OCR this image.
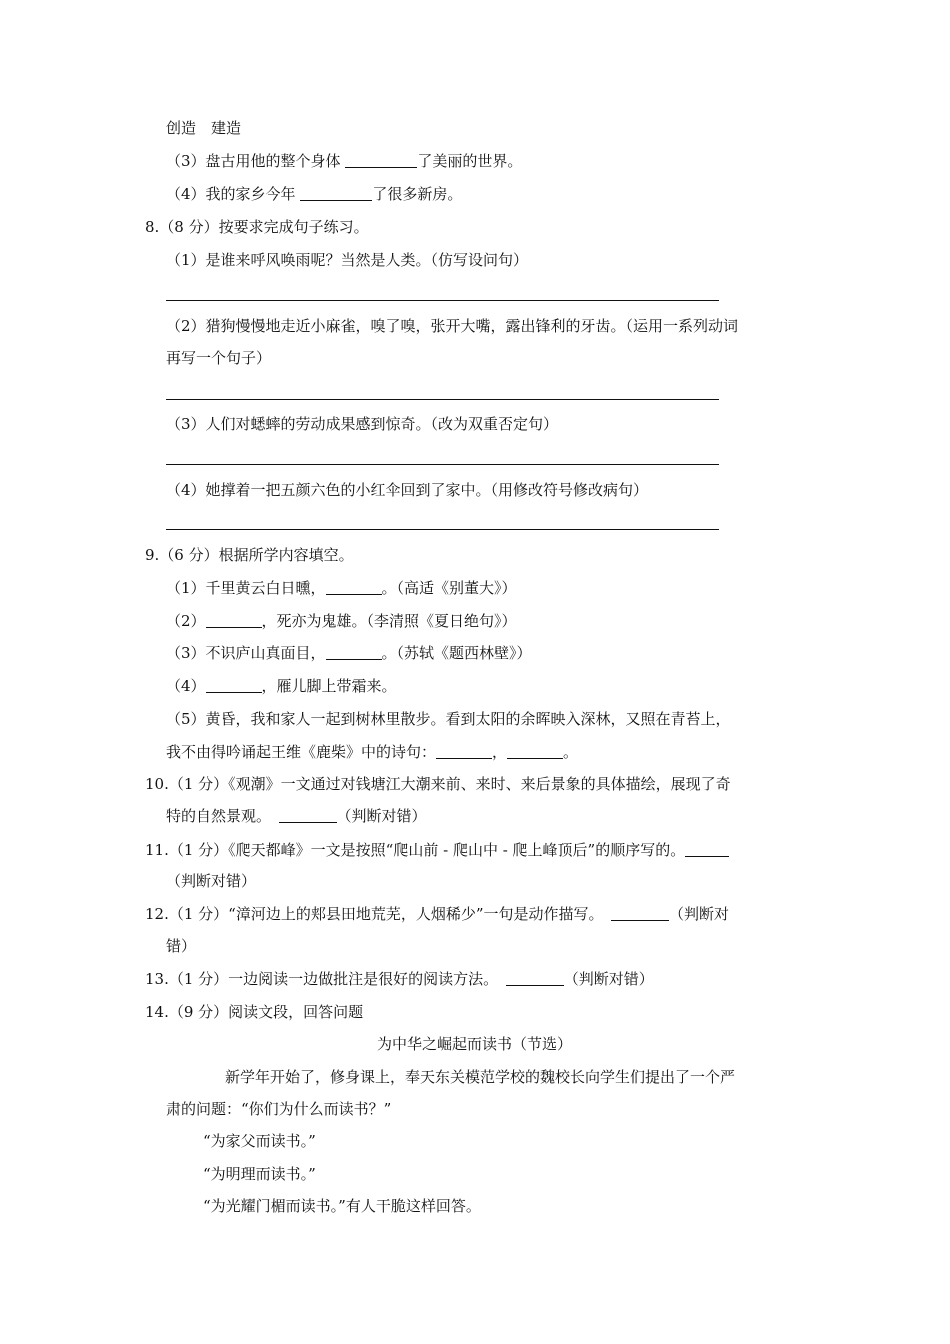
创造　建造
（3）盘古用他的整个身体	了美丽的世界。
（4）我的家乡今年	了很多新房。
8.（8 分）按要求完成句子练习。
（1）是谁来呼风唤雨呢？当然是人类。（仿写设问句）
（2）猎狗慢慢地走近小麻雀，嗅了嗅，张开大嘴，露出锋利的牙齿。（运用一系列动词
再写一个句子）
（3）人们对蟋蟀的劳动成果感到惊奇。（改为双重否定句）
（4）她撑着一把五颜六色的小红伞回到了家中。（用修改符号修改病句）
9.（6 分）根据所学内容填空。
（1）千里黄云白日曛，	。（高适《别董大》）
（2）	，死亦为鬼雄。（李清照《夏日绝句》）
（3）不识庐山真面目，	。（苏轼《题西林壁》）
（4）	，雁儿脚上带霜来。
（5）黄昏，我和家人一起到树林里散步。看到太阳的余晖映入深林，又照在青苔上，
我不由得吟诵起王维《鹿柴》中的诗句：	，	。
10.（1 分）《观潮》一文通过对钱塘江大潮来前、来时、来后景象的具体描绘，展现了奇
特的自然景观。　	（判断对错）
11.（1 分）《爬天都峰》一文是按照“爬山前 - 爬山中 - 爬上峰顶后”的顺序写的。
（判断对错）
12.（1 分）“漳河边上的郏县田地荒芜，人烟稀少”一句是动作描写。　	（判断对
错）
13.（1 分）一边阅读一边做批注是很好的阅读方法。　	（判断对错）
14.（9 分）阅读文段，回答问题
为中华之崛起而读书（节选）
新学年开始了，修身课上，奉天东关模范学校的魏校长向学生们提出了一个严
肃的问题：“你们为什么而读书？”
“为家父而读书。”
“为明理而读书。”
“为光耀门楣而读书。”有人干脆这样回答。
